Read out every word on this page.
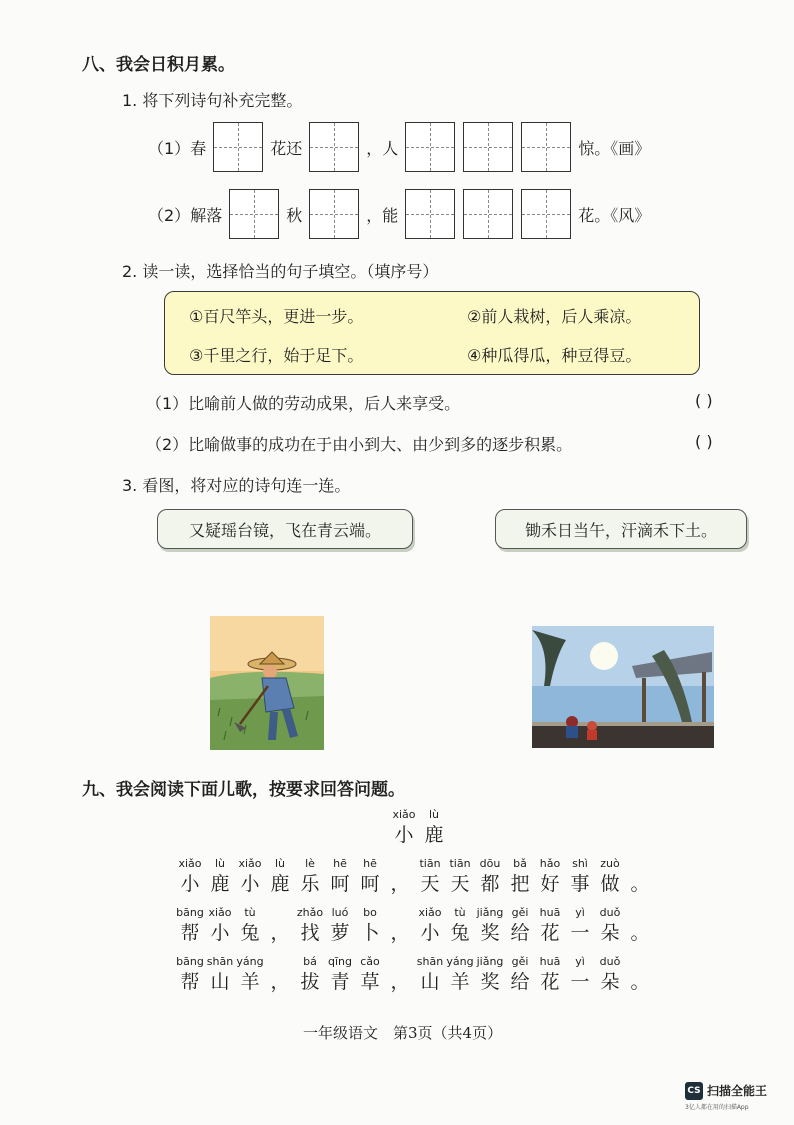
八、我会日积月累。
1. 将下列诗句补充完整。
（1） 春	花还	，人	惊。《画》
（2） 解落	秋	，能	花。《风》
2. 读一读，选择恰当的句子填空。（填序号）
①百尺竿头，更进一步。	②前人栽树，后人乘凉。
③千里之行，始于足下。	④种瓜得瓜，种豆得豆。
（1）比喻前人做的劳动成果，后人来享受。	( )
（2）比喻做事的成功在于由小到大、由少到多的逐步积累。	( )
3. 看图，将对应的诗句连一连。
又疑瑶台镜，飞在青云端。	锄禾日当午，汗滴禾下土。
九、我会阅读下面儿歌，按要求回答问题。
xiǎo
小
lù
鹿
xiǎo
小
lù
鹿
xiǎo
小
lù
鹿
lè
乐
hē
呵
hē
呵 ，
tiān
天
tiān
天
dōu
都
bǎ
把
hǎo
好
shì
事
zuò
做 。
bāng
帮
xiǎo
小
tù
兔 ，
zhǎo
找
luó
萝
bo
卜 ，
xiǎo
小
tù
兔
jiǎng
奖
gěi
给
huā
花
yì
一
duǒ
朵 。
bāng
帮
shān
山
yáng
羊 ，
bá
拔
qīng
青
cǎo
草 ，
shān
山
yáng
羊
jiǎng
奖
gěi
给
huā
花
yì
一
duǒ
朵 。
一年级语文　第3页（共4页）
CS 扫描全能王
3亿人都在用的扫描App
